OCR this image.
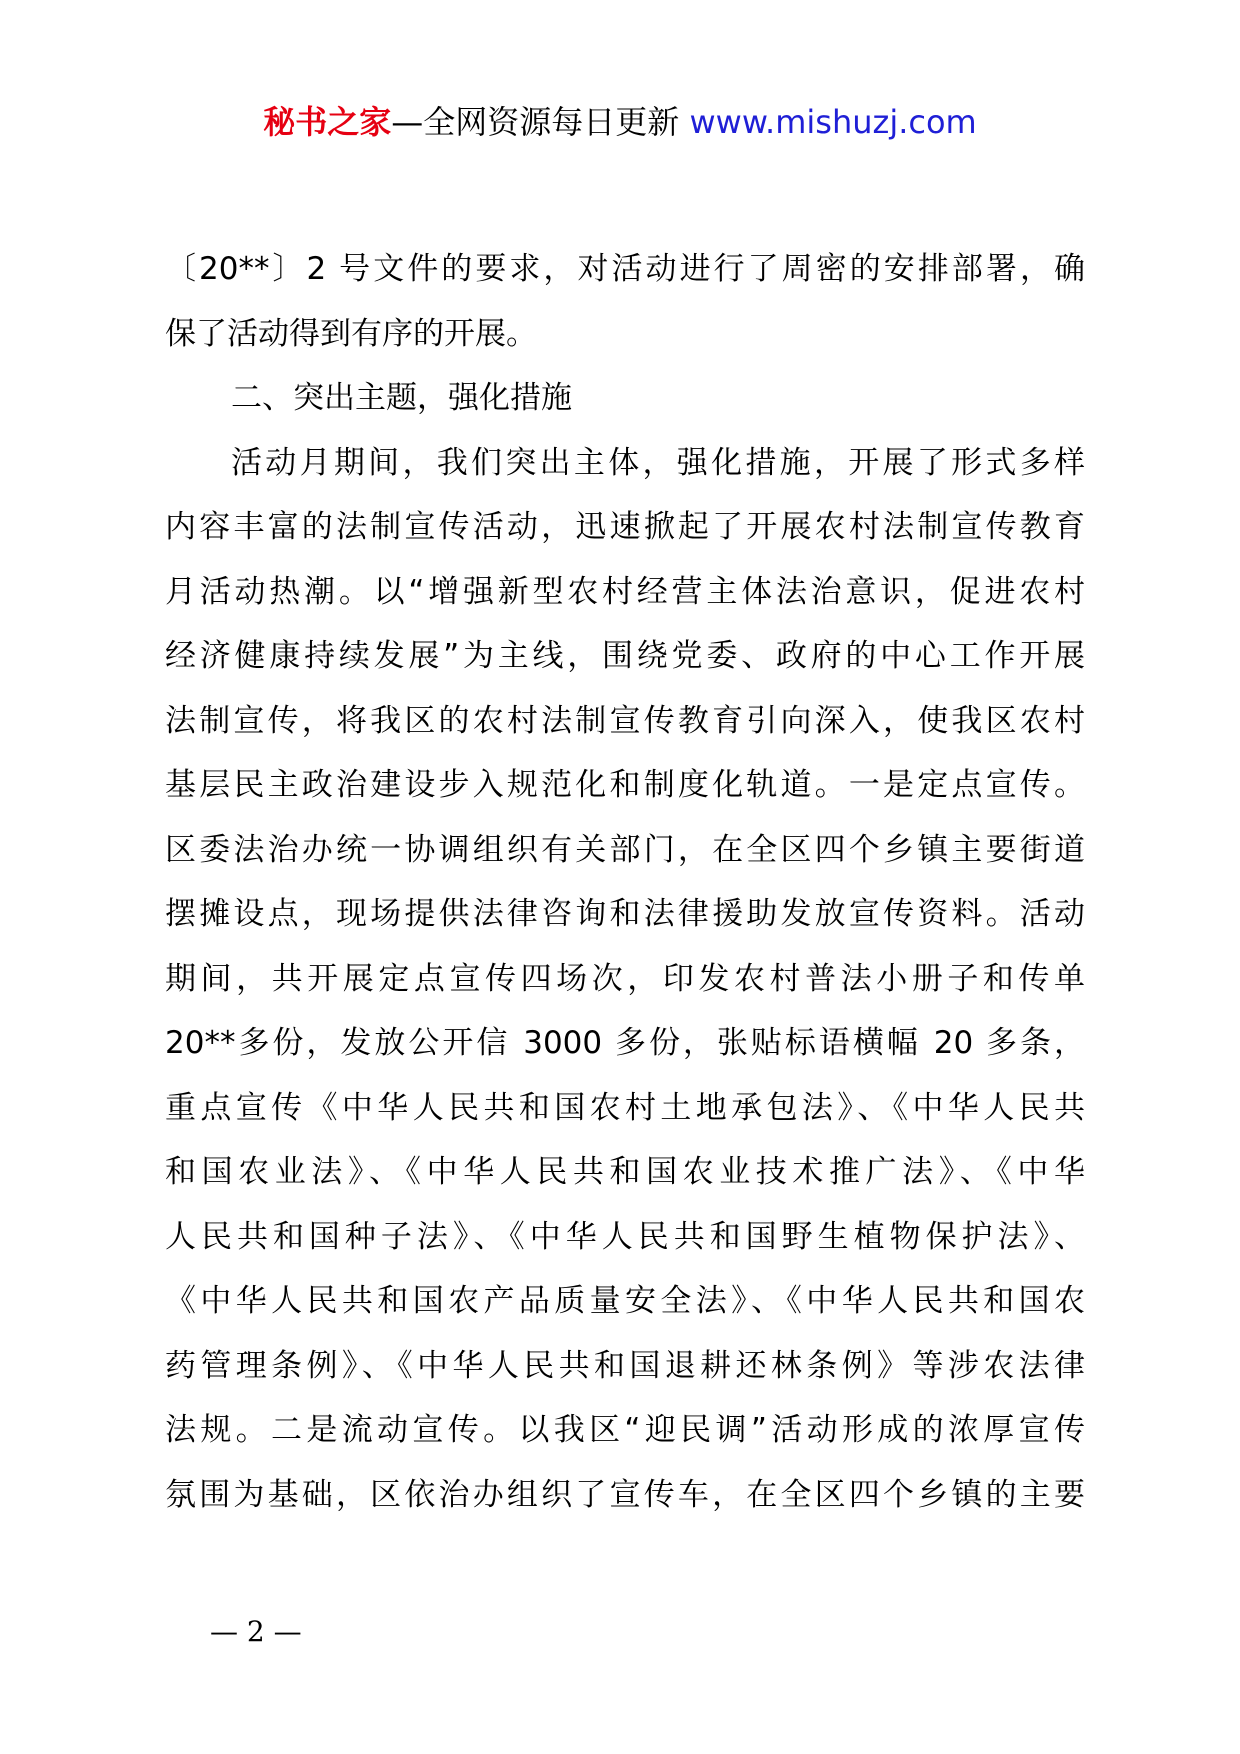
秘书之家—全网资源每日更新 www.mishuzj.com
〔20**〕2 号文件的要求，对活动进行了周密的安排部署，确
保了活动得到有序的开展。
二、突出主题，强化措施
活动月期间，我们突出主体，强化措施，开展了形式多样
内容丰富的法制宣传活动，迅速掀起了开展农村法制宣传教育
月活动热潮。以“增强新型农村经营主体法治意识，促进农村
经济健康持续发展”为主线，围绕党委、政府的中心工作开展
法制宣传，将我区的农村法制宣传教育引向深入，使我区农村
基层民主政治建设步入规范化和制度化轨道。一是定点宣传。
区委法治办统一协调组织有关部门，在全区四个乡镇主要街道
摆摊设点，现场提供法律咨询和法律援助发放宣传资料。活动
期间，共开展定点宣传四场次，印发农村普法小册子和传单
20**多份，发放公开信 3000 多份，张贴标语横幅 20 多条，
重点宣传《中华人民共和国农村土地承包法》、《中华人民共
和国农业法》、《中华人民共和国农业技术推广法》、《中华
人民共和国种子法》、《中华人民共和国野生植物保护法》、
《中华人民共和国农产品质量安全法》、《中华人民共和国农
药管理条例》、《中华人民共和国退耕还林条例》等涉农法律
法规。二是流动宣传。以我区“迎民调”活动形成的浓厚宣传
氛围为基础，区依治办组织了宣传车，在全区四个乡镇的主要
— 2 —
